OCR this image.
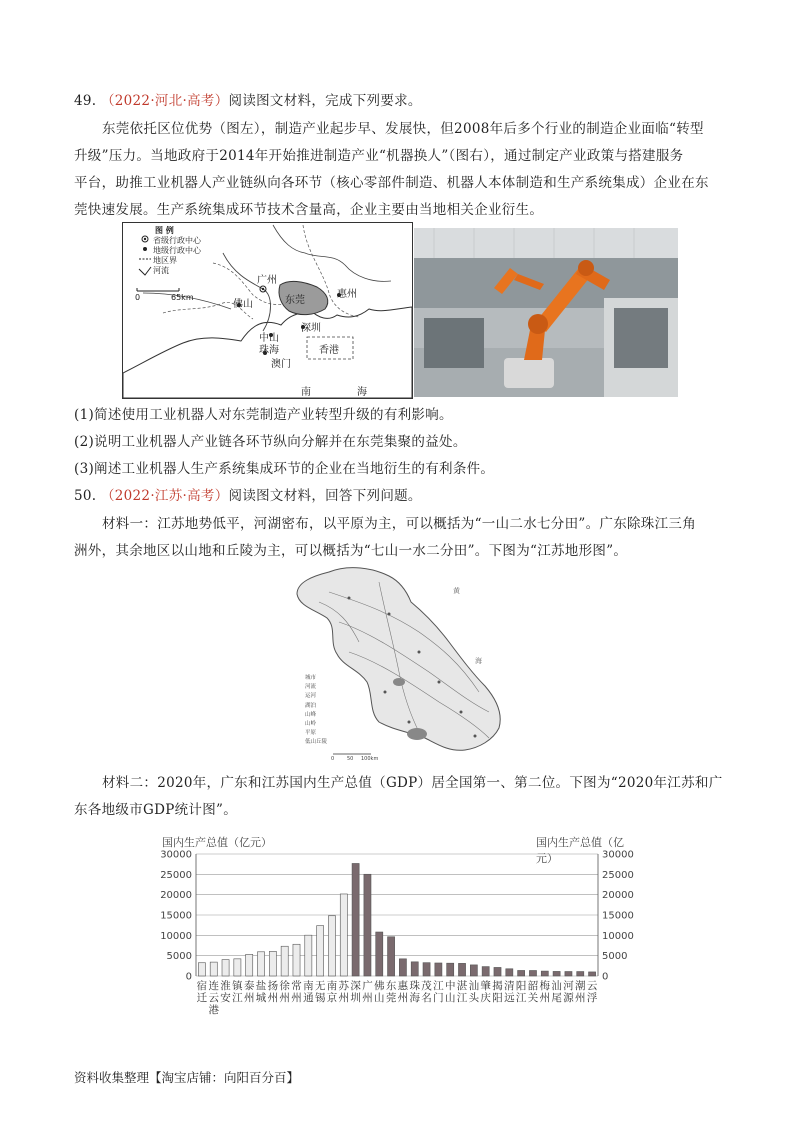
49. （2022·河北·高考）阅读图文材料，完成下列要求。
东莞依托区位优势（图左），制造产业起步早、发展快，但2008年后多个行业的制造企业面临“转型
升级”压力。当地政府于2014年开始推进制造产业“机器换人”（图右），通过制定产业政策与搭建服务
平台，助推工业机器人产业链纵向各环节（核心零部件制造、机器人本体制造和生产系统集成）企业在东
莞快速发展。生产系统集成环节技术含量高，企业主要由当地相关企业衍生。
图 例
省级行政中心
地级行政中心
地区界
河流
0	65km
广州
佛山	东莞
惠州
中山
深圳
珠海
澳门
香港
南	海
(1)简述使用工业机器人对东莞制造产业转型升级的有利影响。
(2)说明工业机器人产业链各环节纵向分解并在东莞集聚的益处。
(3)阐述工业机器人生产系统集成环节的企业在当地衍生的有利条件。
50. （2022·江苏·高考）阅读图文材料，回答下列问题。
材料一：江苏地势低平，河湖密布，以平原为主，可以概括为“一山二水七分田”。广东除珠江三角
洲外，其余地区以山地和丘陵为主，可以概括为“七山一水二分田”。下图为“江苏地形图”。
城市
河流
运河
湖泊
山峰
山岭
平原
低山丘陵
黄
海
0	50 100km
材料二：2020年，广东和江苏国内生产总值（GDP）居全国第一、第二位。下图为“2020年江苏和广
东各地级市GDP统计图”。
国内生产总值（亿元）	国内生产总值（亿元）
0	0
5000	5000
10000	10000
15000	15000
20000	20000
25000	25000
30000	30000
宿
迁
连
云
港
淮
安
镇
江
泰
州
盐
城
扬
州
徐
州
常
州
南
通
无
锡
南
京
苏
州
深
圳
广
州
佛
山
东
莞
惠
州
珠
海
茂
名
江
门
中
山
湛
江
汕
头
肇
庆
揭
阳
清
远
阳
江
韶
关
梅
州
汕
尾
河
源
潮
州
云
浮
资料收集整理【淘宝店铺：向阳百分百】
